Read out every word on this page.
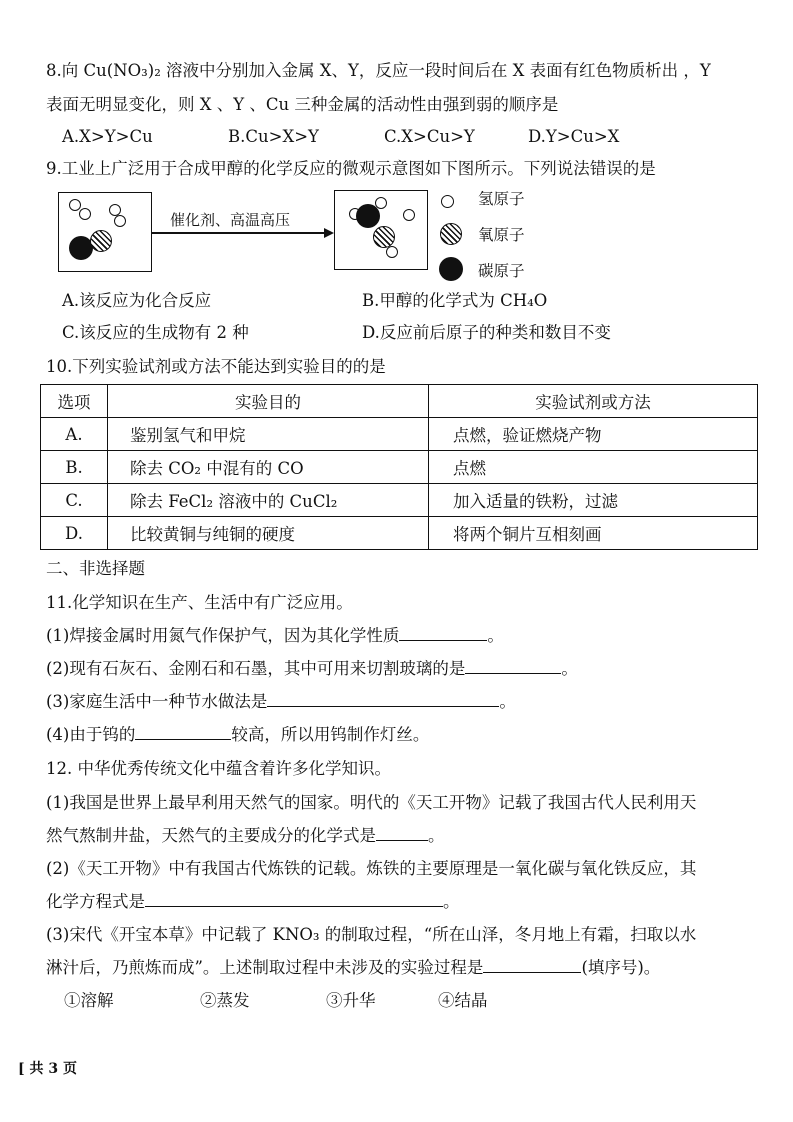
8.向 Cu(NO₃)₂ 溶液中分别加入金属 X、Y，反应一段时间后在 X 表面有红色物质析出 ，Y
表面无明显变化，则 X 、Y 、Cu 三种金属的活动性由强到弱的顺序是
A.X>Y>Cu	B.Cu>X>Y	C.X>Cu>Y	D.Y>Cu>X
9.工业上广泛用于合成甲醇的化学反应的微观示意图如下图所示。下列说法错误的是
催化剂、高温高压
氢原子
氧原子
碳原子
A.该反应为化合反应	B.甲醇的化学式为 CH₄O
C.该反应的生成物有 2 种	D.反应前后原子的种类和数目不变
10.下列实验试剂或方法不能达到实验目的的是
选项	实验目的	实验试剂或方法
A.	鉴别氢气和甲烷	点燃，验证燃烧产物
B.	除去 CO₂ 中混有的 CO	点燃
C.	除去 FeCl₂ 溶液中的 CuCl₂	加入适量的铁粉，过滤
D.	比较黄铜与纯铜的硬度	将两个铜片互相刻画
二、非选择题
11.化学知识在生产、生活中有广泛应用。
(1)焊接金属时用氮气作保护气，因为其化学性质	。
(2)现有石灰石、金刚石和石墨，其中可用来切割玻璃的是	。
(3)家庭生活中一种节水做法是	。
(4)由于钨的	较高，所以用钨制作灯丝。
12. 中华优秀传统文化中蕴含着许多化学知识。
(1)我国是世界上最早利用天然气的国家。明代的《天工开物》记载了我国古代人民利用天
然气熬制井盐，天然气的主要成分的化学式是	。
(2)《天工开物》中有我国古代炼铁的记载。炼铁的主要原理是一氧化碳与氧化铁反应，其
化学方程式是	。
(3)宋代《开宝本草》中记载了 KNO₃ 的制取过程，“所在山泽，冬月地上有霜，扫取以水
淋汁后，乃煎炼而成”。上述制取过程中未涉及的实验过程是	(填序号)。
①溶解	②蒸发	③升华	④结晶
[ 共 3 页
